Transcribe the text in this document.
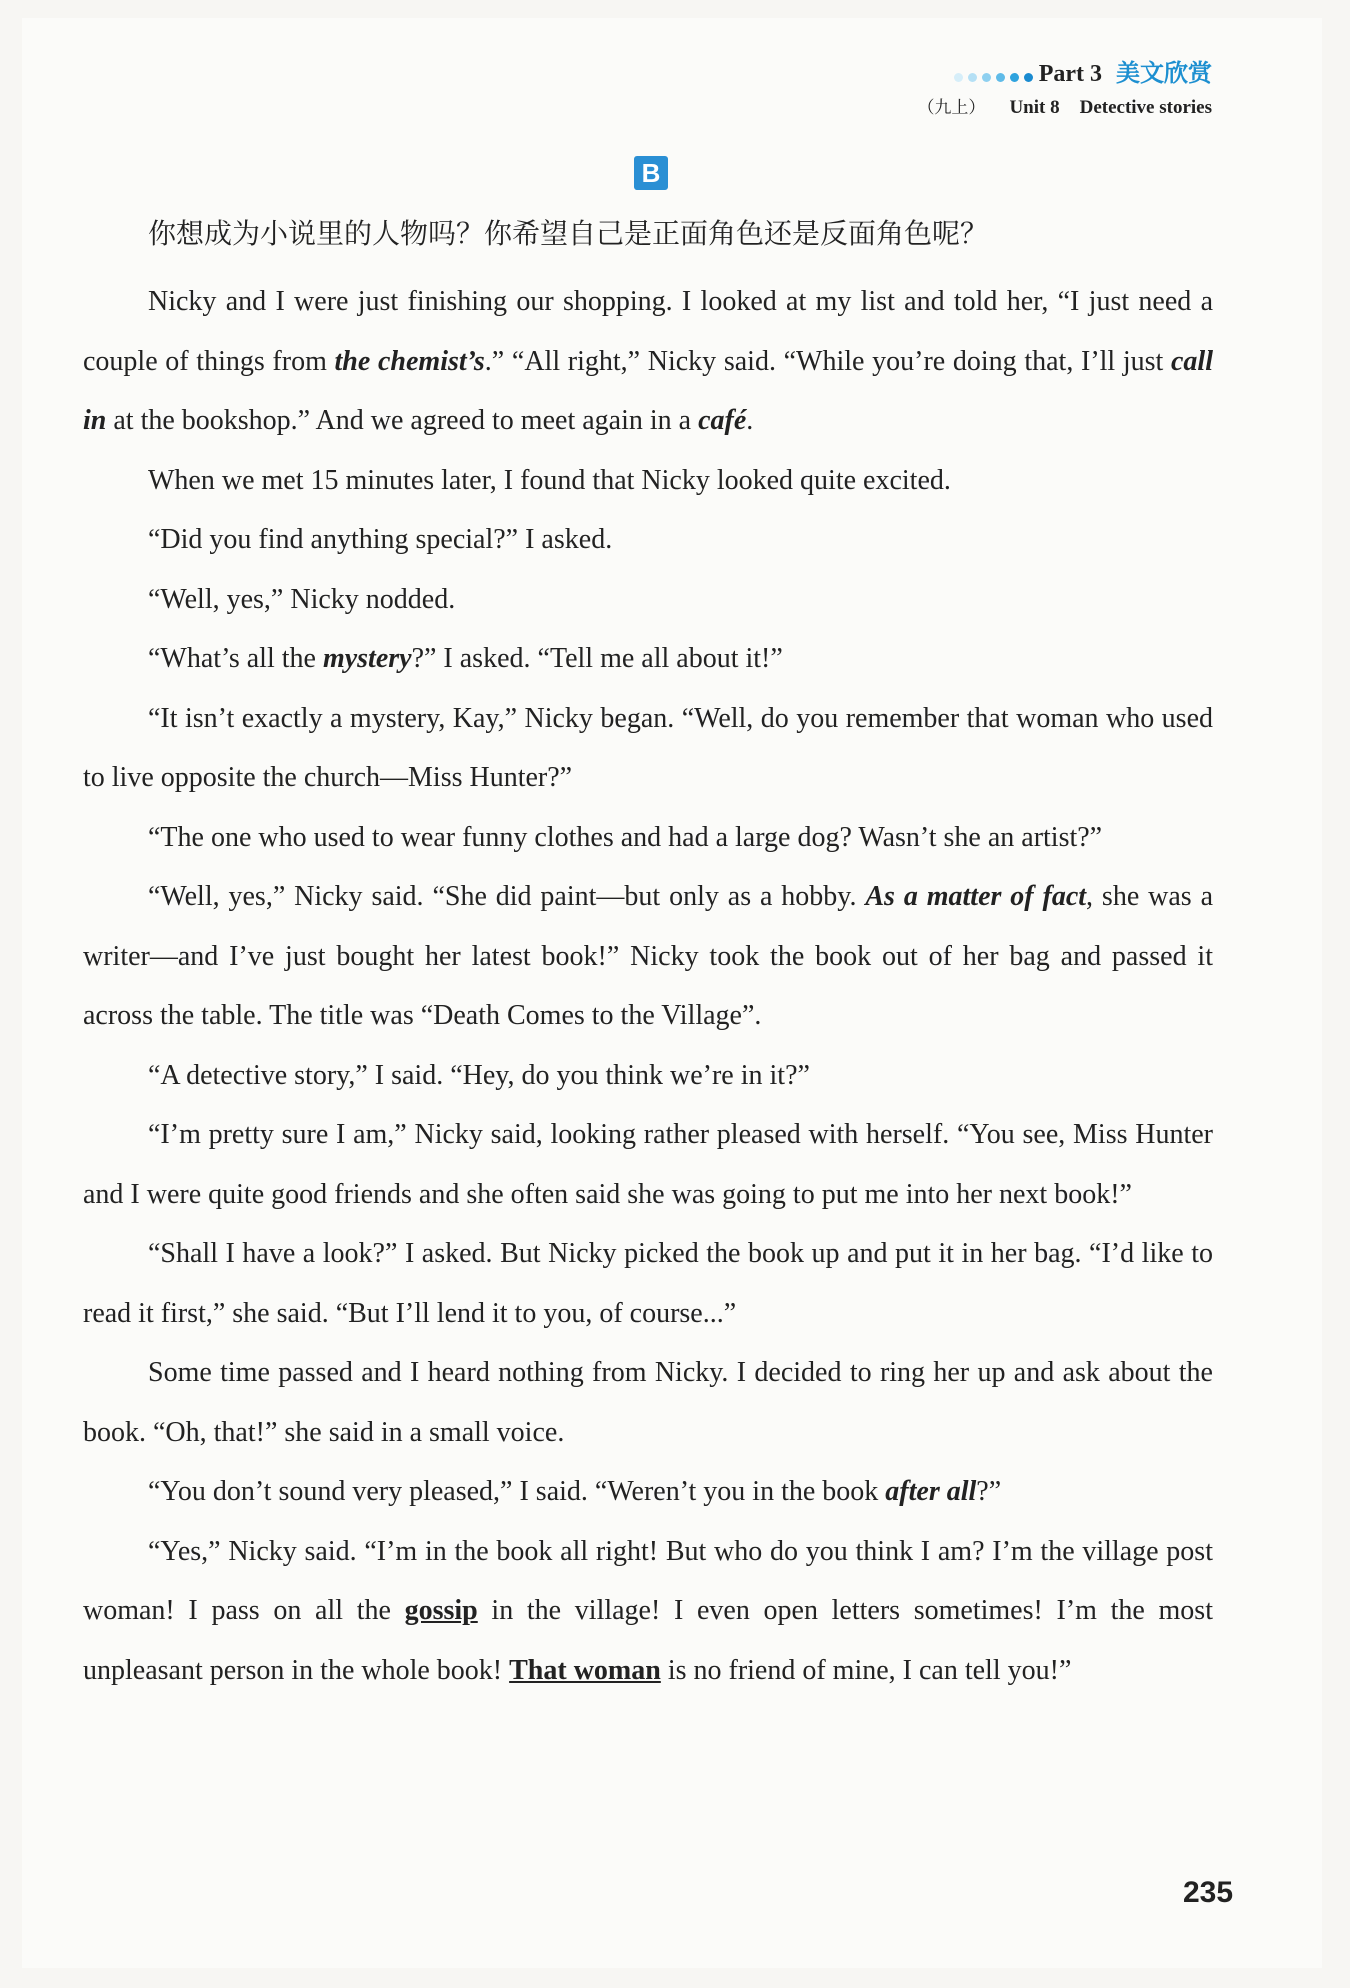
Part 3 美文欣赏
（九上） Unit 8 Detective stories
B
你想成为小说里的人物吗？你希望自己是正面角色还是反面角色呢？

Nicky and I were just finishing our shopping. I looked at my list and told her, “I just need a couple of things from the chemist’s.” “All right,” Nicky said. “While you’re doing that, I’ll just call in at the bookshop.” And we agreed to meet again in a café.

When we met 15 minutes later, I found that Nicky looked quite excited.

“Did you find anything special?” I asked.

“Well, yes,” Nicky nodded.

“What’s all the mystery?” I asked. “Tell me all about it!”

“It isn’t exactly a mystery, Kay,” Nicky began. “Well, do you remember that woman who used to live opposite the church—Miss Hunter?”

“The one who used to wear funny clothes and had a large dog? Wasn’t she an artist?”

“Well, yes,” Nicky said. “She did paint—but only as a hobby. As a matter of fact, she was a writer—and I’ve just bought her latest book!” Nicky took the book out of her bag and passed it across the table. The title was “Death Comes to the Village”.

“A detective story,” I said. “Hey, do you think we’re in it?”

“I’m pretty sure I am,” Nicky said, looking rather pleased with herself. “You see, Miss Hunter and I were quite good friends and she often said she was going to put me into her next book!”

“Shall I have a look?” I asked. But Nicky picked the book up and put it in her bag. “I’d like to read it first,” she said. “But I’ll lend it to you, of course...”

Some time passed and I heard nothing from Nicky. I decided to ring her up and ask about the book. “Oh, that!” she said in a small voice.

“You don’t sound very pleased,” I said. “Weren’t you in the book after all?”

“Yes,” Nicky said. “I’m in the book all right! But who do you think I am? I’m the village post woman! I pass on all the gossip in the village! I even open letters sometimes! I’m the most unpleasant person in the whole book! That woman is no friend of mine, I can tell you!”

235
